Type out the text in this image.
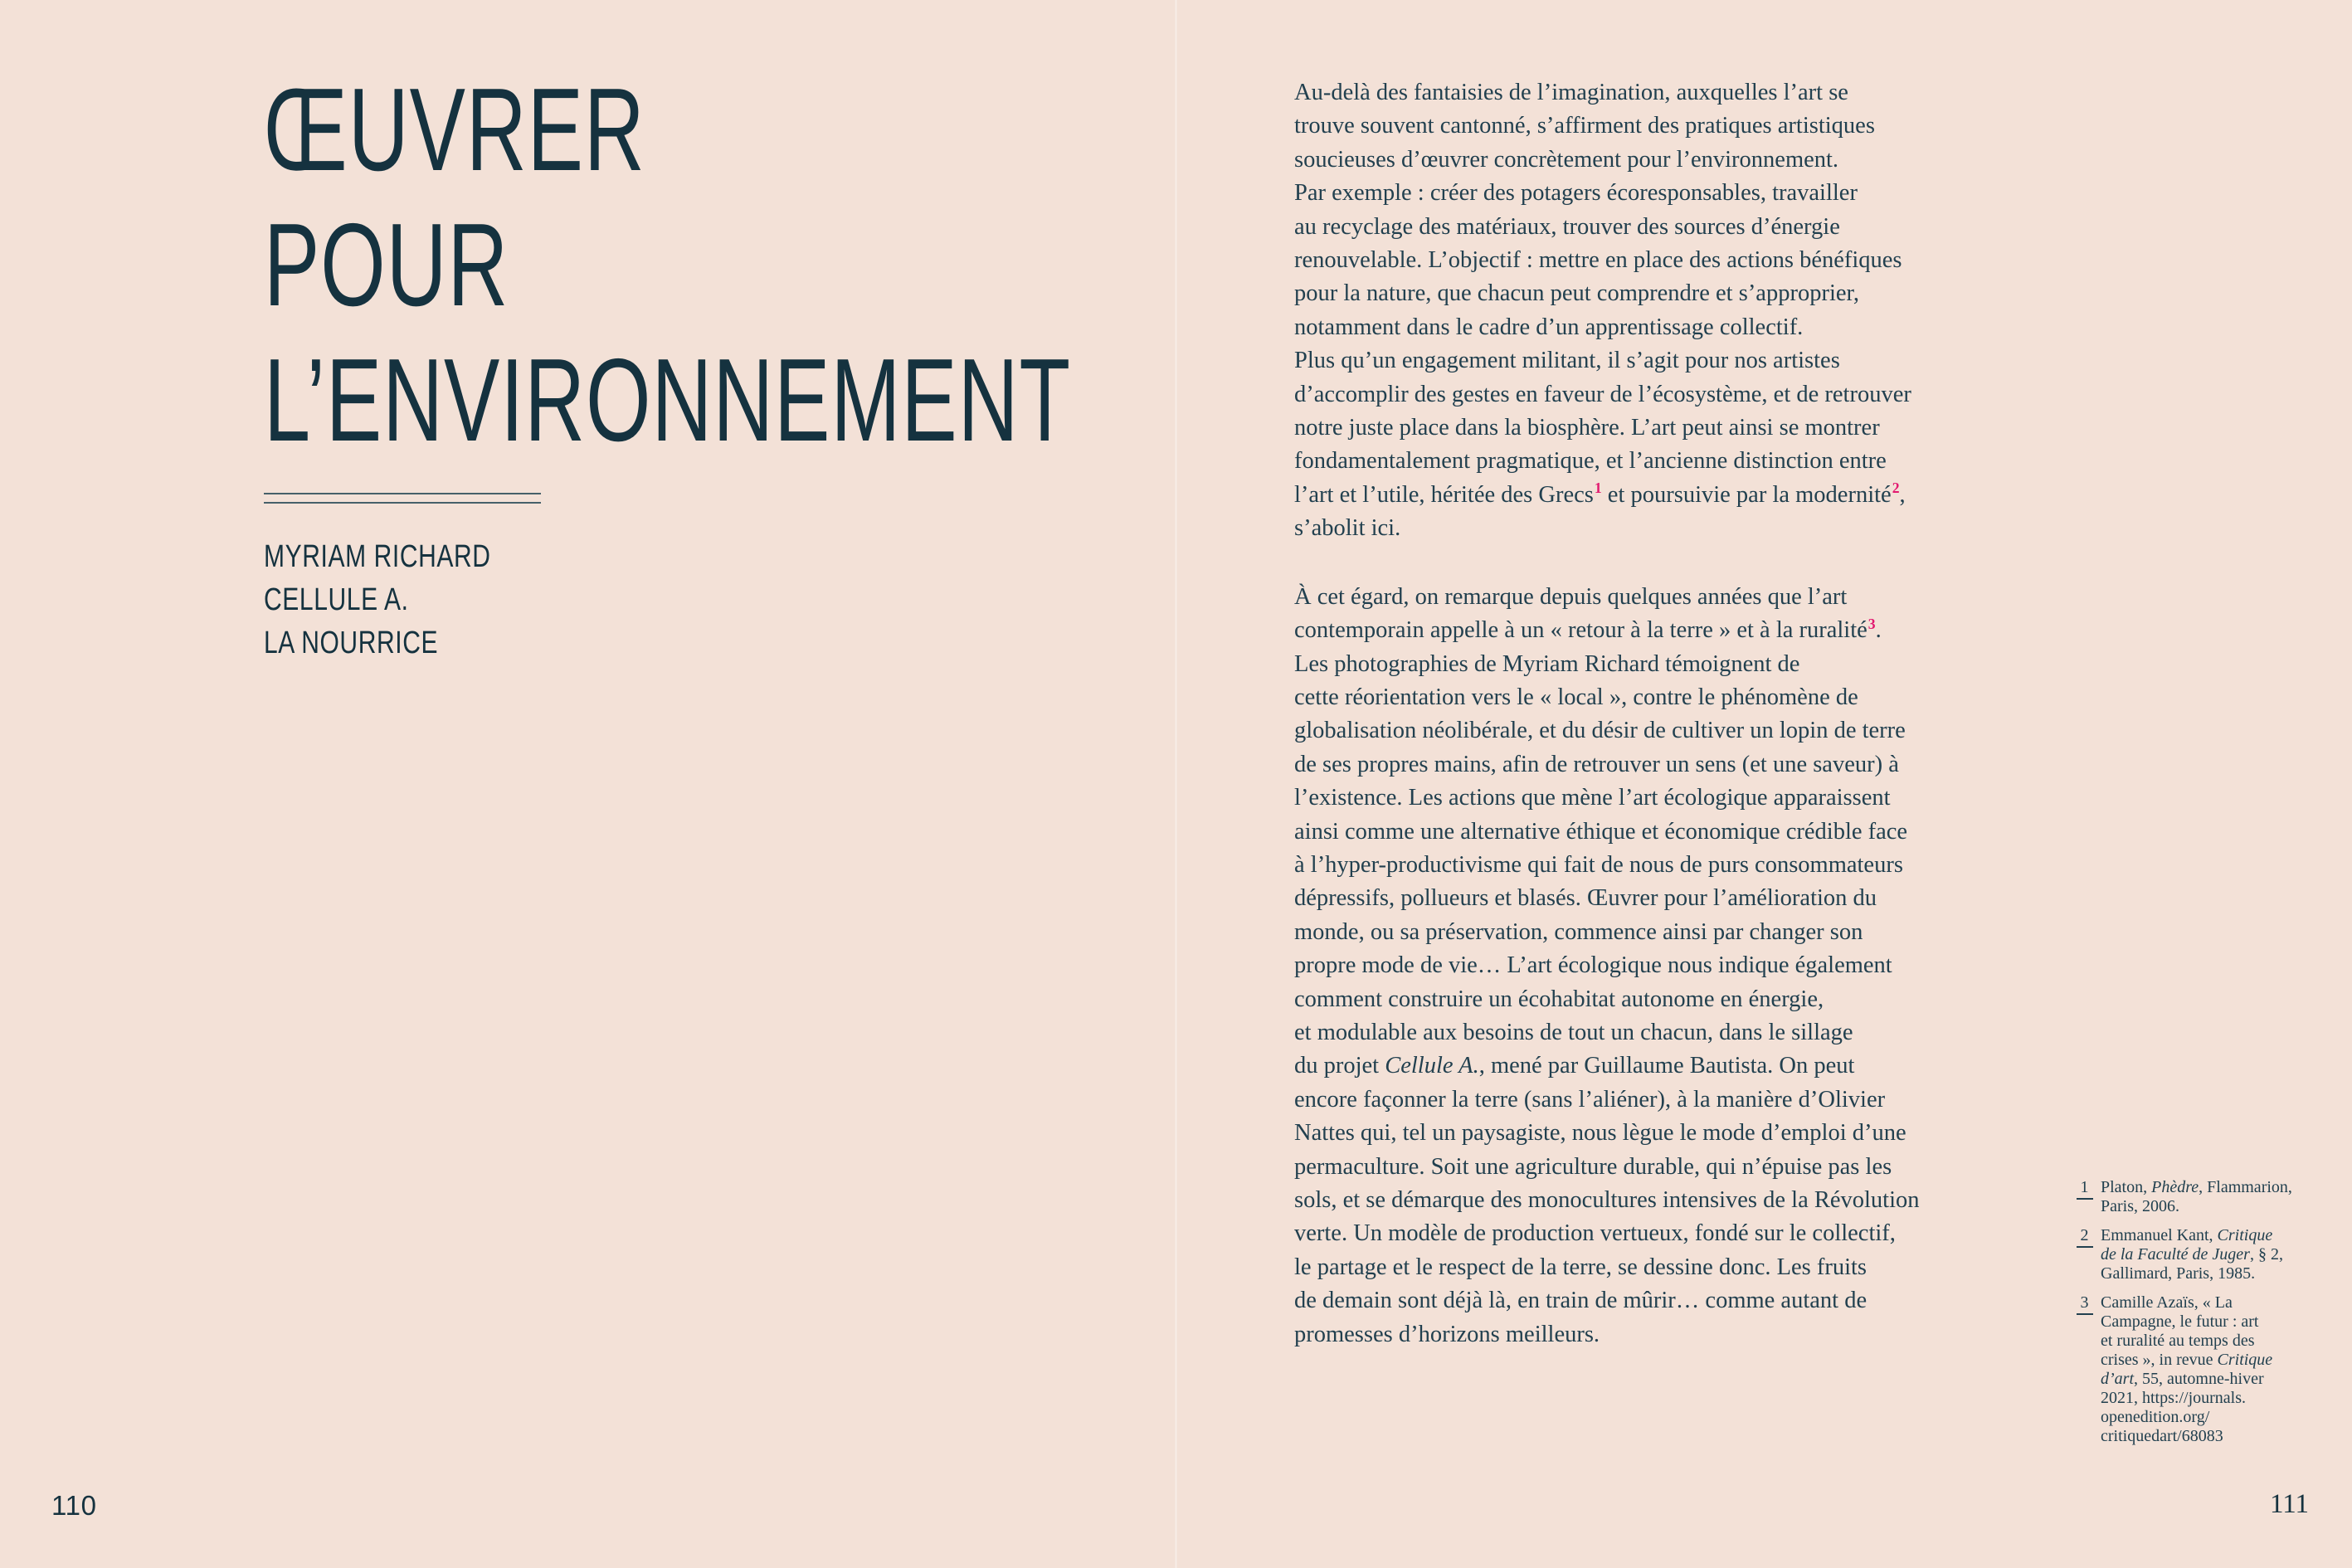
ŒUVRER
POUR
L’ENVIRONNEMENT
MYRIAM RICHARD
CELLULE A.
LA NOURRICE
110
Au-delà des fantaisies de l’imagination, auxquelles l’art se
trouve souvent cantonné, s’affirment des pratiques artistiques
soucieuses d’œuvrer concrètement pour l’environnement.
Par exemple : créer des potagers écoresponsables, travailler
au recyclage des matériaux, trouver des sources d’énergie
renouvelable. L’objectif : mettre en place des actions bénéfiques
pour la nature, que chacun peut comprendre et s’approprier,
notamment dans le cadre d’un apprentissage collectif.
Plus qu’un engagement militant, il s’agit pour nos artistes
d’accomplir des gestes en faveur de l’écosystème, et de retrouver
notre juste place dans la biosphère. L’art peut ainsi se montrer
fondamentalement pragmatique, et l’ancienne distinction entre
l’art et l’utile, héritée des Grecs$^1$ et poursuivie par la modernité$^2$,
s’abolit ici.
À cet égard, on remarque depuis quelques années que l’art
contemporain appelle à un « retour à la terre » et à la ruralité$^3$.
Les photographies de Myriam Richard témoignent de
cette réorientation vers le « local », contre le phénomène de
globalisation néolibérale, et du désir de cultiver un lopin de terre
de ses propres mains, afin de retrouver un sens (et une saveur) à
l’existence. Les actions que mène l’art écologique apparaissent
ainsi comme une alternative éthique et économique crédible face
à l’hyper-productivisme qui fait de nous de purs consommateurs
dépressifs, pollueurs et blasés. Œuvrer pour l’amélioration du
monde, ou sa préservation, commence ainsi par changer son
propre mode de vie… L’art écologique nous indique également
comment construire un écohabitat autonome en énergie,
et modulable aux besoins de tout un chacun, dans le sillage
du projet Cellule A., mené par Guillaume Bautista. On peut
encore façonner la terre (sans l’aliéner), à la manière d’Olivier
Nattes qui, tel un paysagiste, nous lègue le mode d’emploi d’une
permaculture. Soit une agriculture durable, qui n’épuise pas les
sols, et se démarque des monocultures intensives de la Révolution
verte. Un modèle de production vertueux, fondé sur le collectif,
le partage et le respect de la terre, se dessine donc. Les fruits
de demain sont déjà là, en train de mûrir… comme autant de
promesses d’horizons meilleurs.
1 Platon, Phèdre, Flammarion,
Paris, 2006.
2 Emmanuel Kant, Critique
de la Faculté de Juger, § 2,
Gallimard, Paris, 1985.
3 Camille Azaïs, « La
Campagne, le futur : art
et ruralité au temps des
crises », in revue Critique
d’art, 55, automne-hiver
2021, https://journals.
openedition.org/
critiquedart/68083
111
